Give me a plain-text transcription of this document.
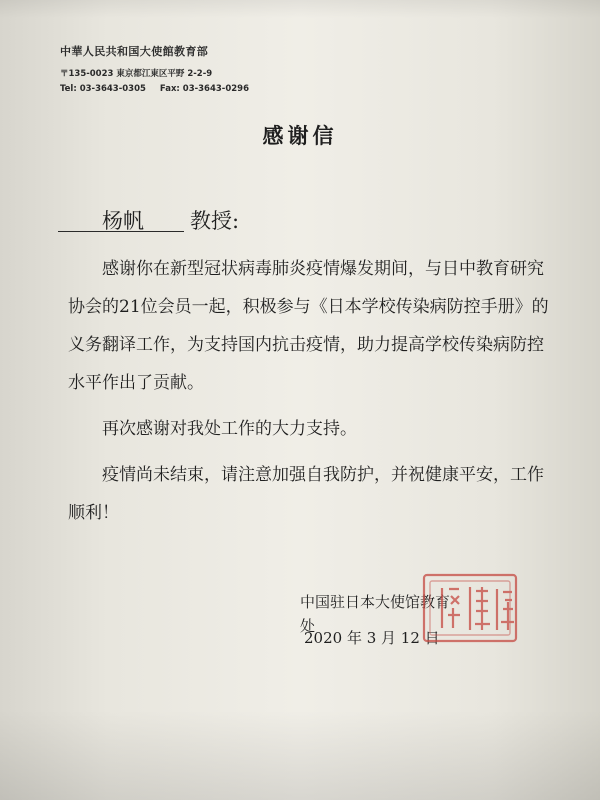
中華人民共和国大使館教育部
〒135-0023 東京都江東区平野 2-2-9
Tel: 03-3643-0305 Fax: 03-3643-0296
感谢信
杨帆 教授:

感谢你在新型冠状病毒肺炎疫情爆发期间，与日中教育研究协会的21位会员一起，积极参与《日本学校传染病防控手册》的义务翻译工作，为支持国内抗击疫情，助力提高学校传染病防控水平作出了贡献。

再次感谢对我处工作的大力支持。

疫情尚未结束，请注意加强自我防护，并祝健康平安，工作顺利！

中国驻日本大使馆教育处
2020 年 3 月 12 日
